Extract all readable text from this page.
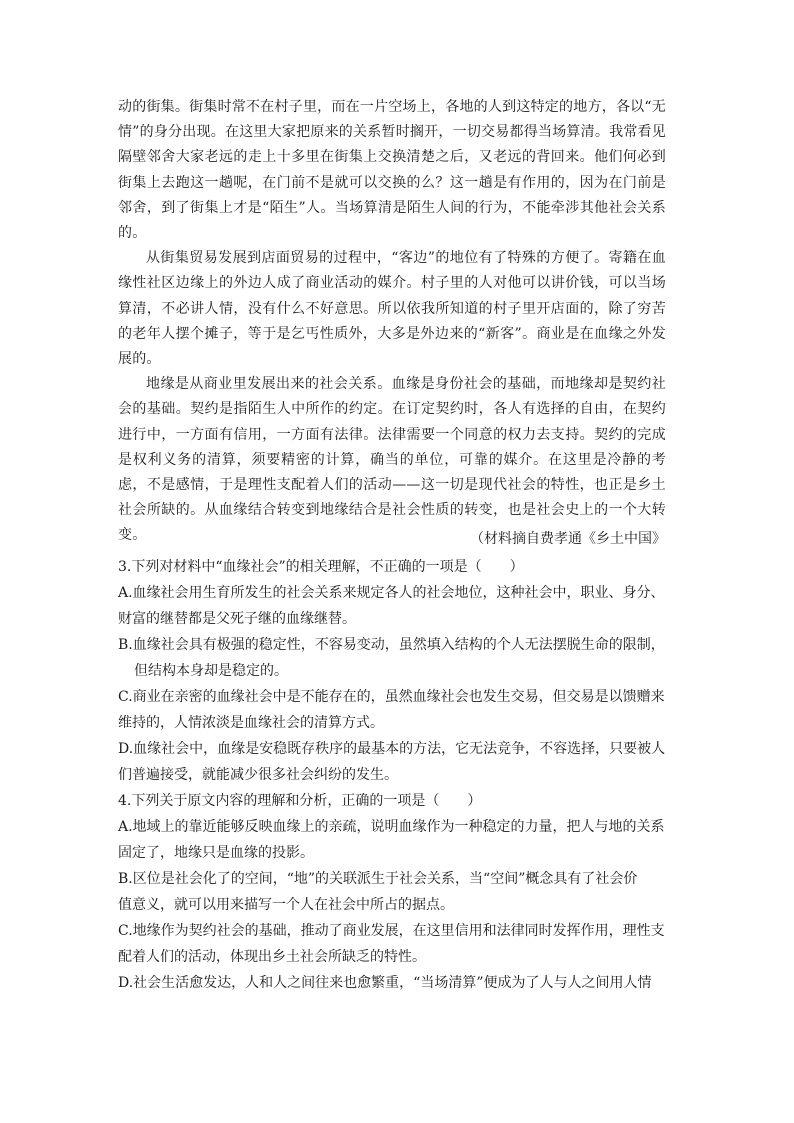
动的街集。街集时常不在村子里，而在一片空场上，各地的人到这特定的地方，各以“无情”的身分出现。在这里大家把原来的关系暂时搁开，一切交易都得当场算清。我常看见隔壁邻舍大家老远的走上十多里在街集上交换清楚之后，又老远的背回来。他们何必到街集上去跑这一趟呢，在门前不是就可以交换的么？这一趟是有作用的，因为在门前是邻舍，到了街集上才是“陌生”人。当场算清是陌生人间的行为，不能牵涉其他社会关系的。

从街集贸易发展到店面贸易的过程中，“客边”的地位有了特殊的方便了。寄籍在血缘性社区边缘上的外边人成了商业活动的媒介。村子里的人对他可以讲价钱，可以当场算清，不必讲人情，没有什么不好意思。所以依我所知道的村子里开店面的，除了穷苦的老年人摆个摊子，等于是乞丐性质外，大多是外边来的“新客”。商业是在血缘之外发展的。

地缘是从商业里发展出来的社会关系。血缘是身份社会的基础，而地缘却是契约社会的基础。契约是指陌生人中所作的约定。在订定契约时，各人有选择的自由，在契约进行中，一方面有信用，一方面有法律。法律需要一个同意的权力去支持。契约的完成是权利义务的清算，须要精密的计算，确当的单位，可靠的媒介。在这里是冷静的考虑，不是感情，于是理性支配着人们的活动——这一切是现代社会的特性，也正是乡土社会所缺的。从血缘结合转变到地缘结合是社会性质的转变，也是社会史上的一个大转变。	（材料摘自费孝通《乡土中国》

3.下列对材料中“血缘社会”的相关理解，不正确的一项是（　　）

A.血缘社会用生育所发生的社会关系来规定各人的社会地位，这种社会中，职业、身分、
财富的继替都是父死子继的血缘继替。

B.血缘社会具有极强的稳定性，不容易变动，虽然填入结构的个人无法摆脱生命的限制，

但结构本身却是稳定的。

C.商业在亲密的血缘社会中是不能存在的，虽然血缘社会也发生交易，但交易是以馈赠来
维持的，人情浓淡是血缘社会的清算方式。

D.血缘社会中，血缘是安稳既存秩序的最基本的方法，它无法竞争，不容选择，只要被人
们普遍接受，就能减少很多社会纠纷的发生。

4.下列关于原文内容的理解和分析，正确的一项是（　　）

A.地域上的靠近能够反映血缘上的亲疏，说明血缘作为一种稳定的力量，把人与地的关系
固定了，地缘只是血缘的投影。

B.区位是社会化了的空间，“地”的关联派生于社会关系，当“空间”概念具有了社会价
值意义，就可以用来描写一个人在社会中所占的据点。

C.地缘作为契约社会的基础，推动了商业发展，在这里信用和法律同时发挥作用，理性支
配着人们的活动，体现出乡土社会所缺乏的特性。

D.社会生活愈发达，人和人之间往来也愈繁重，“当场清算”便成为了人与人之间用人情
